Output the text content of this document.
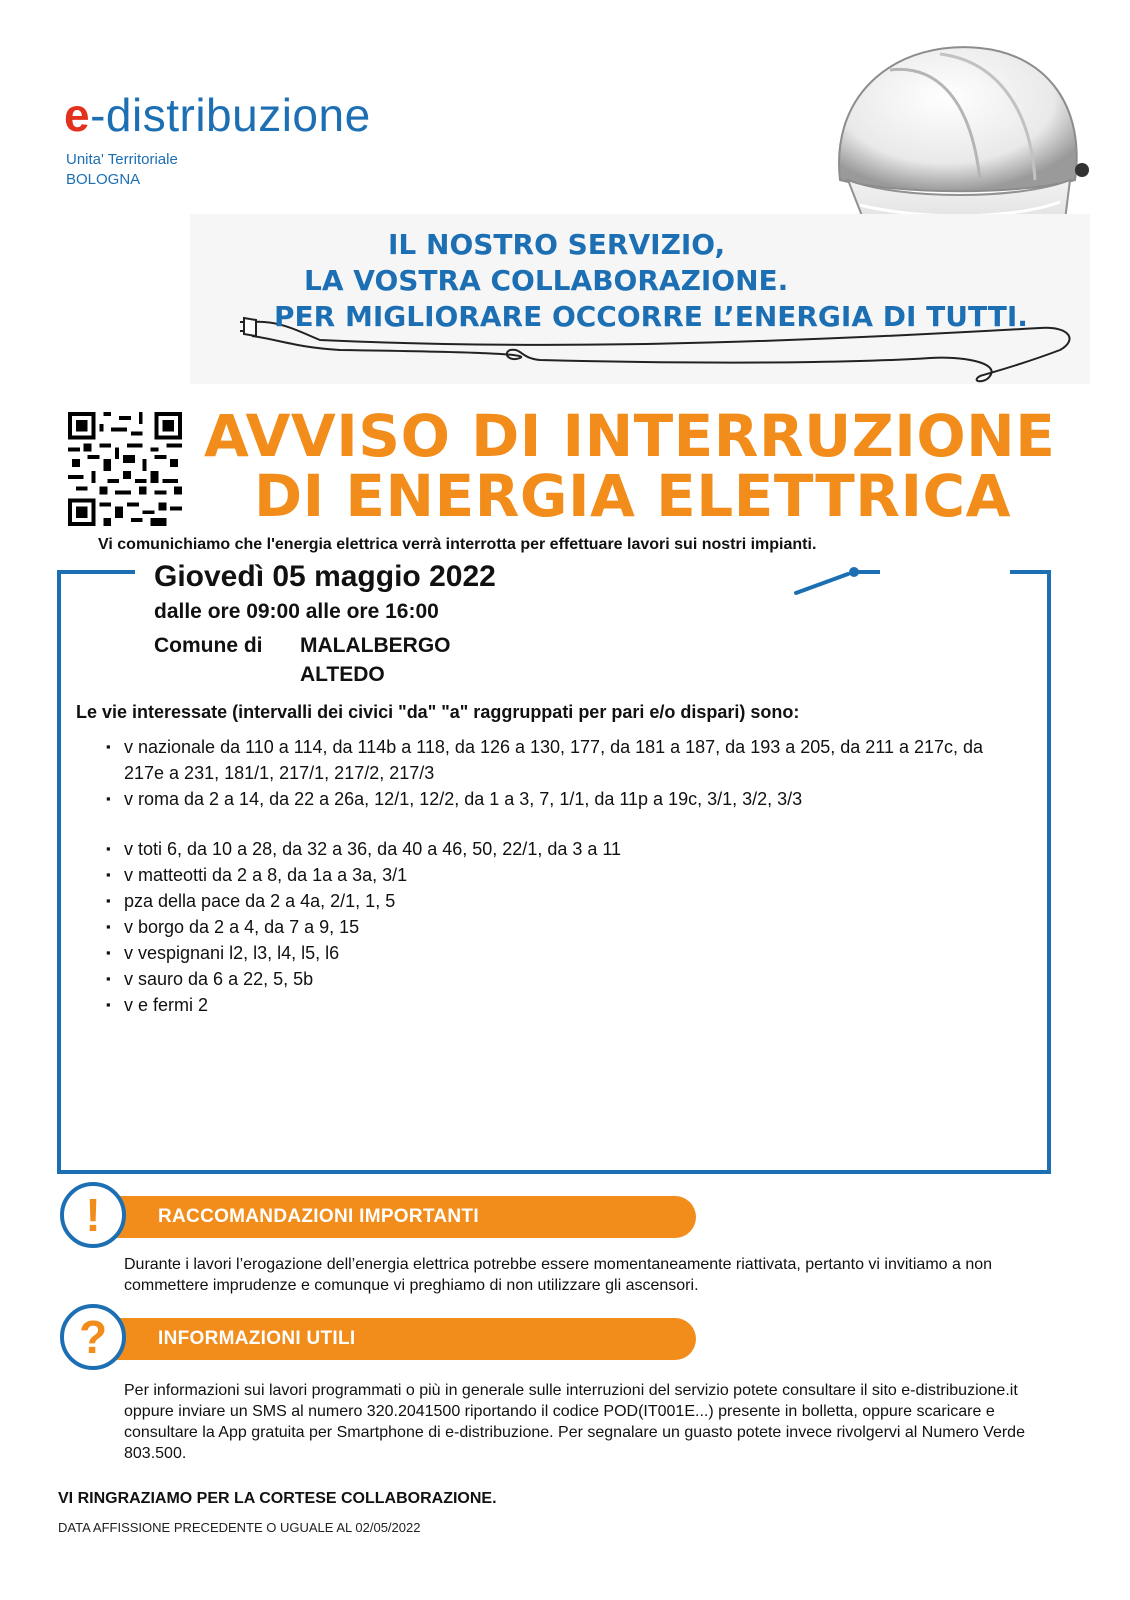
e-distribuzione
Unita' Territoriale
BOLOGNA
IL NOSTRO SERVIZIO,
LA VOSTRA COLLABORAZIONE.
PER MIGLIORARE OCCORRE L’ENERGIA DI TUTTI.
AVVISO DI INTERRUZIONE
DI ENERGIA ELETTRICA
Vi comunichiamo che l'energia elettrica verrà interrotta per effettuare lavori sui nostri impianti.
Giovedì 05 maggio 2022
dalle ore 09:00 alle ore 16:00
Comune di MALALBERGO
ALTEDO
Le vie interessate (intervalli dei civici "da" "a" raggruppati per pari e/o dispari) sono:
▪ v nazionale da 110 a 114, da 114b a 118, da 126 a 130, 177, da 181 a 187, da 193 a 205, da 211 a 217c, da 217e a 231, 181/1, 217/1, 217/2, 217/3
▪ v roma da 2 a 14, da 22 a 26a, 12/1, 12/2, da 1 a 3, 7, 1/1, da 11p a 19c, 3/1, 3/2, 3/3
▪ v toti 6, da 10 a 28, da 32 a 36, da 40 a 46, 50, 22/1, da 3 a 11
▪ v matteotti da 2 a 8, da 1a a 3a, 3/1
▪ pza della pace da 2 a 4a, 2/1, 1, 5
▪ v borgo da 2 a 4, da 7 a 9, 15
▪ v vespignani l2, l3, l4, l5, l6
▪ v sauro da 6 a 22, 5, 5b
▪ v e fermi 2
RACCOMANDAZIONI IMPORTANTI
!
Durante i lavori l’erogazione dell’energia elettrica potrebbe essere momentaneamente riattivata, pertanto vi invitiamo a non commettere imprudenze e comunque vi preghiamo di non utilizzare gli ascensori.
INFORMAZIONI UTILI
?
Per informazioni sui lavori programmati o più in generale sulle interruzioni del servizio potete consultare il sito e-distribuzione.it oppure inviare un SMS al numero 320.2041500 riportando il codice POD(IT001E...) presente in bolletta, oppure scaricare e consultare la App gratuita per Smartphone di e-distribuzione. Per segnalare un guasto potete invece rivolgervi al Numero Verde 803.500.
VI RINGRAZIAMO PER LA CORTESE COLLABORAZIONE.
DATA AFFISSIONE PRECEDENTE O UGUALE AL 02/05/2022
